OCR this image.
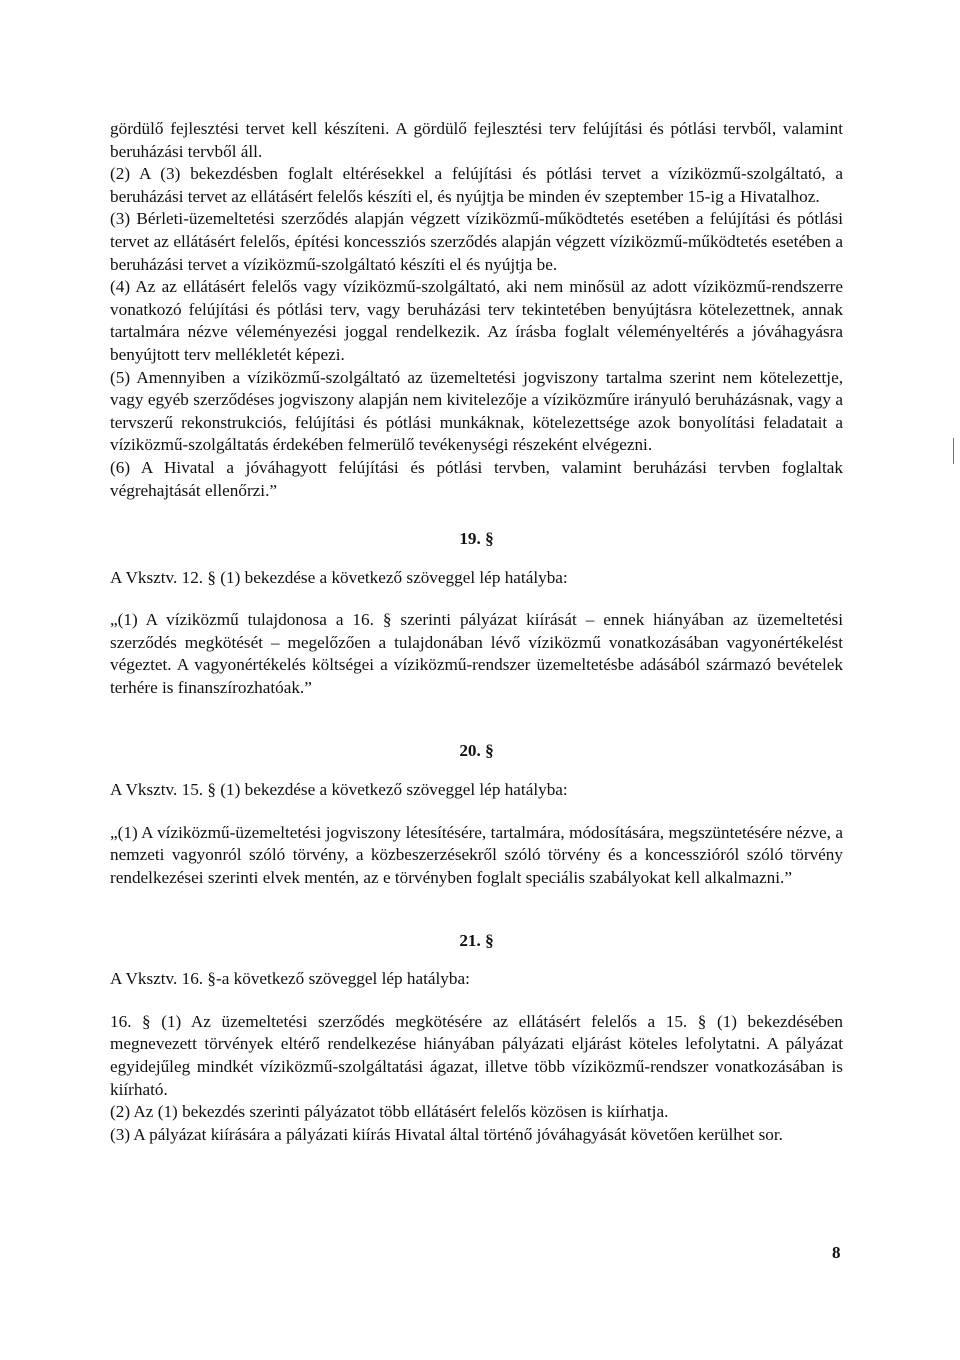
gördülő fejlesztési tervet kell készíteni. A gördülő fejlesztési terv felújítási és pótlási tervből, valamint beruházási tervből áll.

(2) A (3) bekezdésben foglalt eltérésekkel a felújítási és pótlási tervet a víziközmű-szolgáltató, a beruházási tervet az ellátásért felelős készíti el, és nyújtja be minden év szeptember 15-ig a Hivatalhoz.

(3) Bérleti-üzemeltetési szerződés alapján végzett víziközmű-működtetés esetében a felújítási és pótlási tervet az ellátásért felelős, építési koncessziós szerződés alapján végzett víziközmű-működtetés esetében a beruházási tervet a víziközmű-szolgáltató készíti el és nyújtja be.

(4) Az az ellátásért felelős vagy víziközmű-szolgáltató, aki nem minősül az adott víziközmű-rendszerre vonatkozó felújítási és pótlási terv, vagy beruházási terv tekintetében benyújtásra kötelezettnek, annak tartalmára nézve véleményezési joggal rendelkezik. Az írásba foglalt véleményeltérés a jóváhagyásra benyújtott terv mellékletét képezi.

(5) Amennyiben a víziközmű-szolgáltató az üzemeltetési jogviszony tartalma szerint nem kötelezettje, vagy egyéb szerződéses jogviszony alapján nem kivitelezője a víziközműre irányuló beruházásnak, vagy a tervszerű rekonstrukciós, felújítási és pótlási munkáknak, kötelezettsége azok bonyolítási feladatait a víziközmű-szolgáltatás érdekében felmerülő tevékenységi részeként elvégezni.

(6) A Hivatal a jóváhagyott felújítási és pótlási tervben, valamint beruházási tervben foglaltak végrehajtását ellenőrzi.”

19. §

A Vksztv. 12. § (1) bekezdése a következő szöveggel lép hatályba:

„(1) A víziközmű tulajdonosa a 16. § szerinti pályázat kiírását – ennek hiányában az üzemeltetési szerződés megkötését – megelőzően a tulajdonában lévő víziközmű vonatkozásában vagyonértékelést végeztet. A vagyonértékelés költségei a víziközmű-rendszer üzemeltetésbe adásából származó bevételek terhére is finanszírozhatóak.”

20. §

A Vksztv. 15. § (1) bekezdése a következő szöveggel lép hatályba:

„(1) A víziközmű-üzemeltetési jogviszony létesítésére, tartalmára, módosítására, megszüntetésére nézve, a nemzeti vagyonról szóló törvény, a közbeszerzésekről szóló törvény és a koncesszióról szóló törvény rendelkezései szerinti elvek mentén, az e törvényben foglalt speciális szabályokat kell alkalmazni.”

21. §

A Vksztv. 16. §-a következő szöveggel lép hatályba:

16. § (1) Az üzemeltetési szerződés megkötésére az ellátásért felelős a 15. § (1) bekezdésében megnevezett törvények eltérő rendelkezése hiányában pályázati eljárást köteles lefolytatni. A pályázat egyidejűleg mindkét víziközmű-szolgáltatási ágazat, illetve több víziközmű-rendszer vonatkozásában is kiírható.

(2) Az (1) bekezdés szerinti pályázatot több ellátásért felelős közösen is kiírhatja.

(3) A pályázat kiírására a pályázati kiírás Hivatal által történő jóváhagyását követően kerülhet sor.

8
